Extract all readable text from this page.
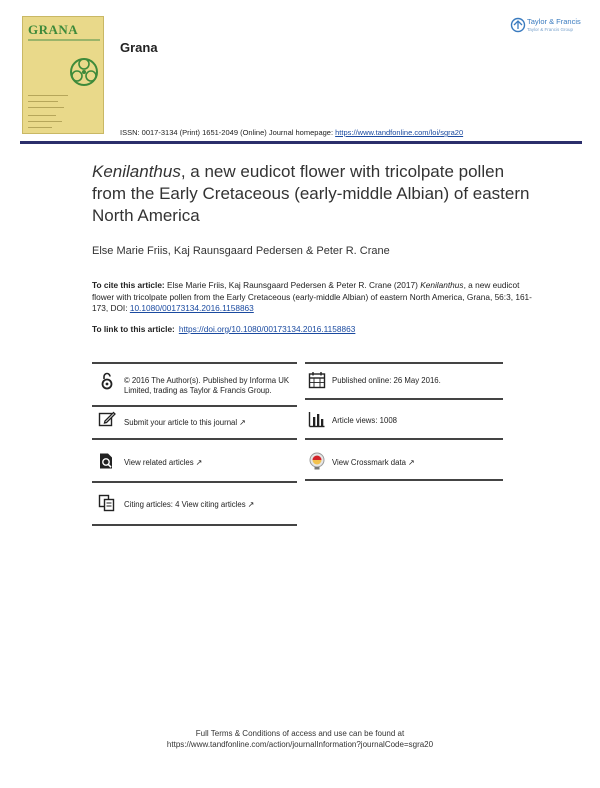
GRANA
Grana
Taylor & Francis
Taylor & Francis Group
ISSN: 0017-3134 (Print) 1651-2049 (Online) Journal homepage: https://www.tandfonline.com/loi/sgra20
Kenilanthus, a new eudicot flower with tricolpate pollen from the Early Cretaceous (early-middle Albian) of eastern North America
Else Marie Friis, Kaj Raunsgaard Pedersen & Peter R. Crane
To cite this article: Else Marie Friis, Kaj Raunsgaard Pedersen & Peter R. Crane (2017) Kenilanthus, a new eudicot flower with tricolpate pollen from the Early Cretaceous (early-middle Albian) of eastern North America, Grana, 56:3, 161-173, DOI: 10.1080/00173134.2016.1158863
To link to this article: https://doi.org/10.1080/00173134.2016.1158863
© 2016 The Author(s). Published by Informa UK Limited, trading as Taylor & Francis Group.
Submit your article to this journal ↗
View related articles ↗
Citing articles: 4 View citing articles ↗
Published online: 26 May 2016.
Article views: 1008
View Crossmark data ↗
Full Terms & Conditions of access and use can be found at
https://www.tandfonline.com/action/journalInformation?journalCode=sgra20
